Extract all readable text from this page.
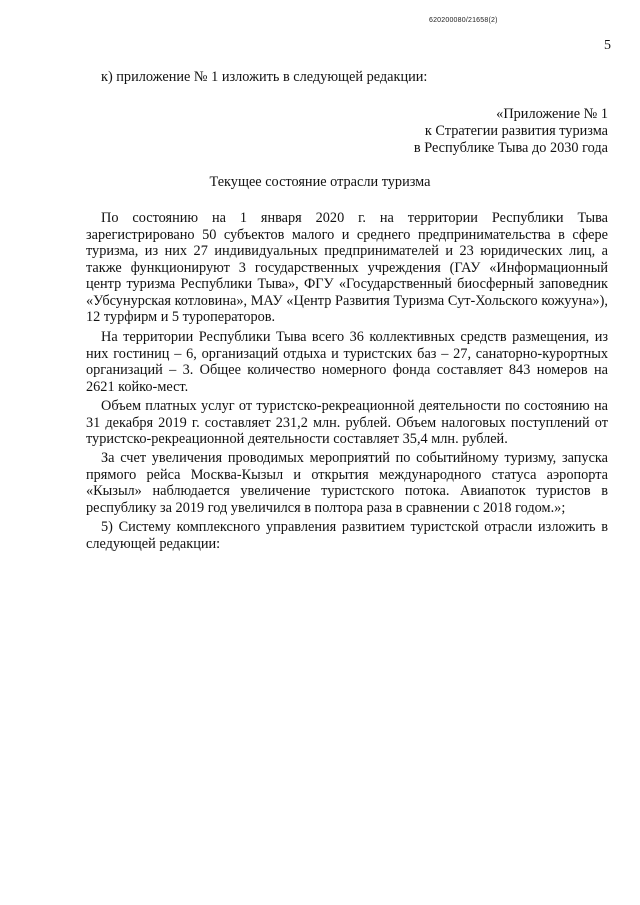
620200080/21658(2)
5

к) приложение № 1 изложить в следующей редакции:

«Приложение № 1
к Стратегии развития туризма
в Республике Тыва до 2030 года
Текущее состояние отрасли туризма

По состоянию на 1 января 2020 г. на территории Республики Тыва зарегистрировано 50 субъектов малого и среднего предпринимательства в сфере туризма, из них 27 индивидуальных предпринимателей и 23 юридических лиц, а также функционируют 3 государственных учреждения (ГАУ «Информационный центр туризма Республики Тыва», ФГУ «Государственный биосферный заповедник «Убсунурская котловина», МАУ «Центр Развития Туризма Сут-Хольского кожууна»), 12 турфирм и 5 туроператоров.

На территории Республики Тыва всего 36 коллективных средств размещения, из них гостиниц – 6, организаций отдыха и туристских баз – 27, санаторно-курортных организаций – 3. Общее количество номерного фонда составляет 843 номеров на 2621 койко-мест.

Объем платных услуг от туристско-рекреационной деятельности по состоянию на 31 декабря 2019 г. составляет 231,2 млн. рублей. Объем налоговых поступлений от туристско-рекреационной деятельности составляет 35,4 млн. рублей.

За счет увеличения проводимых мероприятий по событийному туризму, запуска прямого рейса Москва-Кызыл и открытия международного статуса аэропорта «Кызыл» наблюдается увеличение туристского потока. Авиапоток туристов в республику за 2019 год увеличился в полтора раза в сравнении с 2018 годом.»;

5) Систему комплексного управления развитием туристской отрасли изложить в следующей редакции:
